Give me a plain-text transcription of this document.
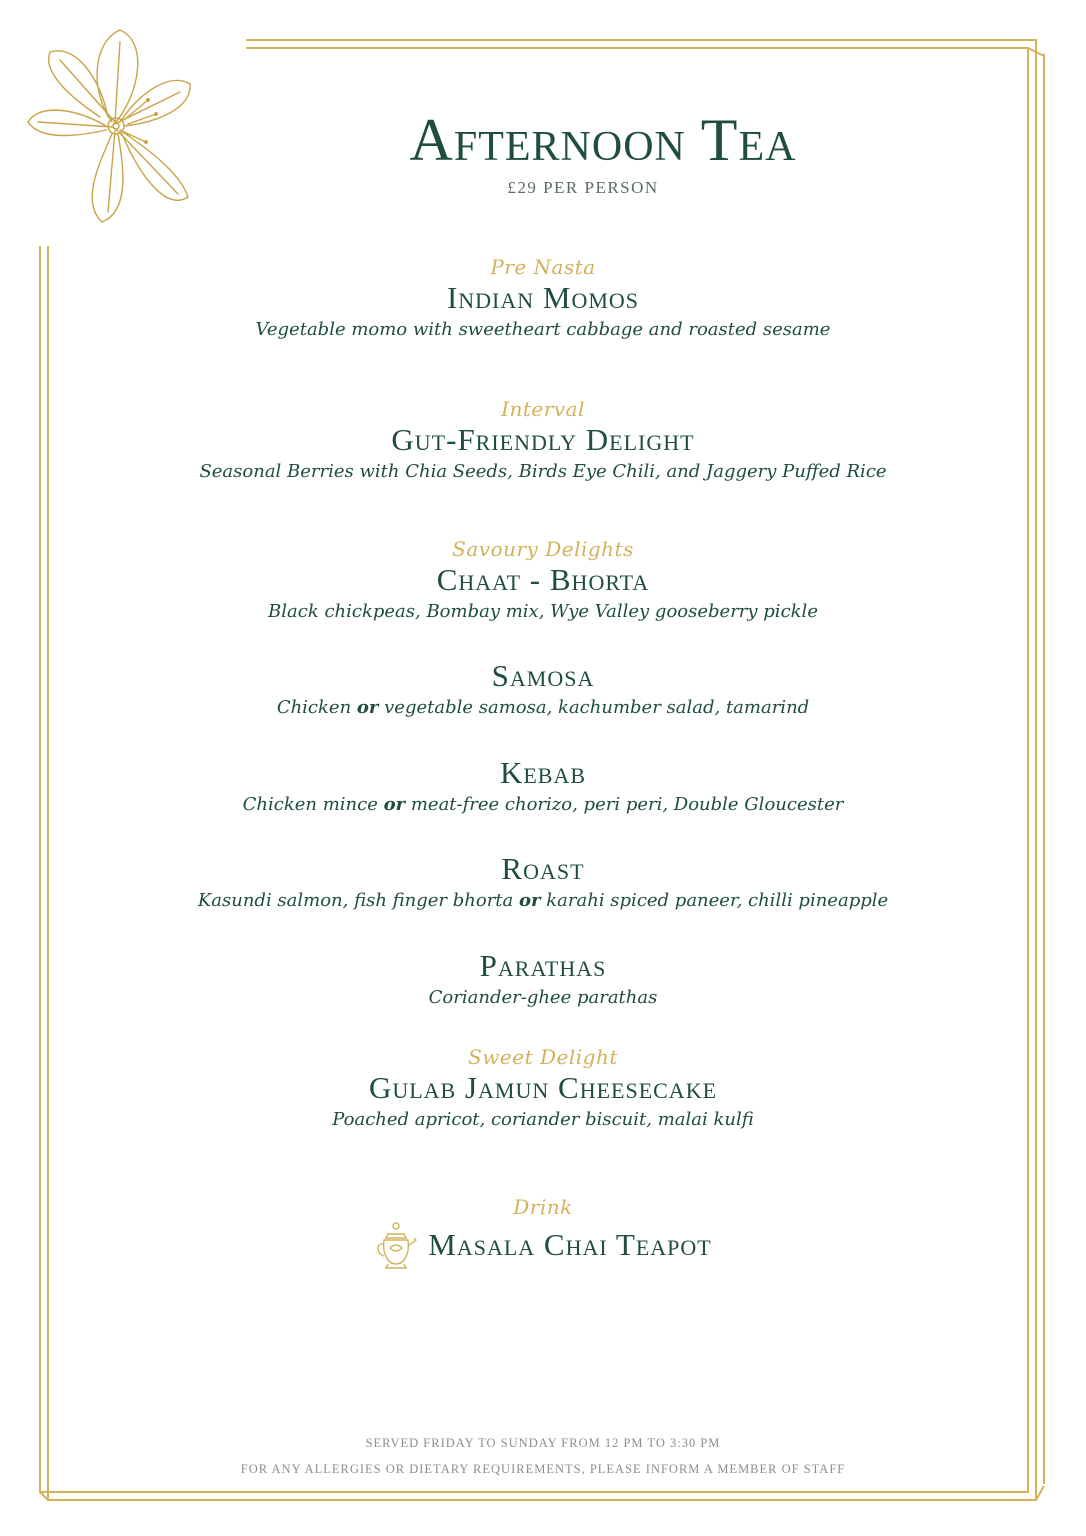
Afternoon Tea
£29 PER PERSON
Pre Nasta
Indian Momos
Vegetable momo with sweetheart cabbage and roasted sesame
Interval
Gut-Friendly Delight
Seasonal Berries with Chia Seeds, Birds Eye Chili, and Jaggery Puffed Rice
Savoury Delights
Chaat - Bhorta
Black chickpeas, Bombay mix, Wye Valley gooseberry pickle
Samosa
Chicken or vegetable samosa, kachumber salad, tamarind
Kebab
Chicken mince or meat-free chorizo, peri peri, Double Gloucester
Roast
Kasundi salmon, fish finger bhorta or karahi spiced paneer, chilli pineapple
Parathas
Coriander-ghee parathas
Sweet Delight
Gulab Jamun Cheesecake
Poached apricot, coriander biscuit, malai kulfi
Drink
Masala Chai Teapot
SERVED FRIDAY TO SUNDAY FROM 12 PM TO 3:30 PM
FOR ANY ALLERGIES OR DIETARY REQUIREMENTS, PLEASE INFORM A MEMBER OF STAFF
